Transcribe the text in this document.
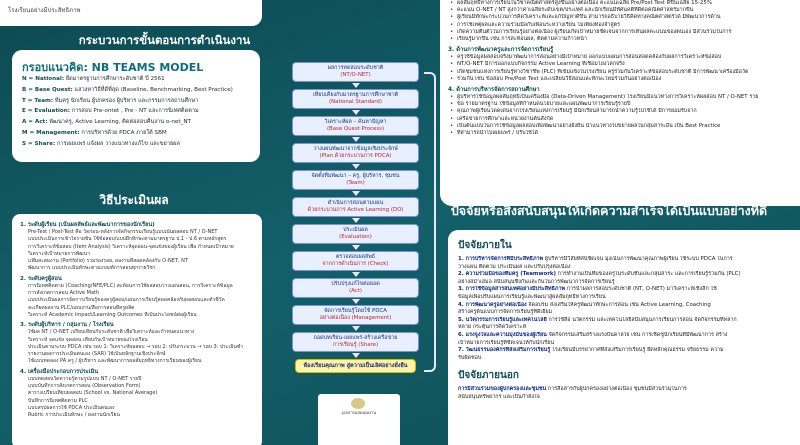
โรงเรียนอย่างมีประสิทธิภาพ

กระบวนการขั้นตอนการดำเนินงาน
กรอบแนวคิด: NB TEAMS MODEL
N = National: ยึดมาตรฐานการศึกษาระดับชาติ ปี 2561
B = Base Quest: แสวงหาวิธีที่ดีที่สุด (Baseline, Benchmarking, Best Practice)
T = Team: ทีมครู นักเรียน ผู้ปกครอง ผู้บริหาร และกรรมการสถานศึกษา
E = Evaluation: การสอบ Pre-ontet , Pre - NT และการนิเทศติดตาม
A = Act: พัฒนาครู, Active Learning, ติดต่อสอบคืนงาน o-net_NT
M = Management: การบริหารด้วย PDCA ภายใต้ SBM
S = Share: การเผยแพร่ แจ้งผล วางแนวทางแก้ไข และขยายผล
วิธีประเมินผล
1. ระดับผู้เรียน (เน้นผลลัพธ์และพัฒนาการของนักเรียน)
Pre-Test / Post-Test คือ วัดก่อน-หลังการจัดกิจกรรมเรียนรู้แบบเน้นผลสอบ NT / O-NET
แบบประเมินการเข้าใจรายชั้น ใช้ข้อสอบ/แบบฝึกทักษะตามมาตรฐาน ป.1 - ป.6 ตามหลักสูตร
การวิเคราะห์ข้อสอบ (Item Analysis) วิเคราะห์จุดอ่อน-จุดแข็งของผู้เรียน เพื่อ กำหนดเป้าหมาย
วิเคราะห์เป้าหมายการพัฒนา
แฟ้มสะสมงาน (Portfolio) รวมร่องรอย, ผลงานที่สอดคล้องกับ O-NET, NT
พัฒนาการ แบบประเมินทักษะตามเกณฑ์การสอนทุกรายวิชา
2. ระดับครูผู้สอน
การนิเทศติดตาม (Coaching/NFE/PLC) สะท้อนการใช้ผลสอบวางแผนสอน, การวิเคราะห์ข้อมูล
การสังเกตการสอน Active Math
แบบประเมินผลการจัดการเรียนรู้ของครูผู้สอน/แผนการเรียนรู้สอดคล้องกับผลสอบและตัวชี้วัด
ละเกียดผลงาน PLC/แผนงาน/สื่อการสอนที่ครูผลิต
วิเคราะห์ Academic Impact/Learning Outcomes ที่เป็นประโยชน์ต่อผู้เรียน
3. ระดับผู้บริหาร / กลุ่มงาน / โรงเรียน
ใช้ผล NT / O-NET เปรียบเทียบกับระดับชาติ เพื่อวิเคราะห์และกำหนดแนวทาง
วิเคราะห์ จุดแข็ง จุดอ่อน เทียบกับเป้าหมายของโรงเรียน
ประเมินตามระบบ PDCA เช่น รอบ 1: วิเคราะห์ผลสอบ → รอบ 2: ปรับกระบวน → รอบ 3: ประเมินซ้ำ
รายงานผลการประเมินตนเอง (SAR) ใช้เป็นหลักฐานเชิงประจักษ์
ใช้แบบทดลอง PA ครู / ผู้บริหาร และพัฒนาการผลสัมฤทธิ์ทางการเรียนของผู้เรียน
4. เครื่องมือประกอบการประเมิน
แบบทดสอบวัดความรู้ตามรูปแบบ NT / O-NET รายปี
แบบบันทึกการสังเกตการสอน (Observation Form)
ตารางเปรียบเทียบผลสอบ (School vs. National Average)
บันทึกการนิเทศติดตาม PLC
แบบสรุปผลการใช้ PDCA ประเมินตนเอง
Rubric การประเมินทักษะ / ผลงานนักเรียน
ผลการทดสอบระดับชาติ
(NT/O-NET)
เทียบเคียงกับมาตรฐานการศึกษาชาติ
(National Standard)
วิเคราะห์ผล – ค้นหาปัญหา
(Base Quest Process)
วางแผนพัฒนาจากข้อมูลเชิงประจักษ์
(Plan ด้วยกระบวนการ PDCA)
จัดตั้งทีมพัฒนา – ครู, ผู้บริหาร, ชุมชน
(Team)
ดำเนินการสอนตามแผน
ด้วยกระบวนการ Active Learning (DO)
ประเมินผล
(Evaluation)
ตรวจสอบผลลัพธ์
จากการดำเนินการ (Check)
ปรับปรุงแก้ไขต่อยอด
(Act)
จัดการเรียนรู้โดยใช้ PDCA
อย่างต่อเนื่อง (Management)
ถอดบทเรียน-เผยแพร่-สร้างเครือข่าย
การเรียนรู้ (Share)
ห้องเรียนคุณภาพ สู่ความเป็นเลิศอย่างยั่งยืน
เอกสารแสดงผลงาน
• ผลสัมฤทธิ์ทางการเรียนในวิชาคณิตศาสตร์สูงขึ้นอย่างต่อเนื่อง คะแนนเฉลี่ย Pre/Post Test ดีขึ้นเฉลี่ย 15-25%
• คะแนน O-NET / NT สูงกว่าค่าเฉลี่ยระดับเขต/ประเทศ และนักเรียนมีทัศนคติที่ดีต่อคณิตศาสตร์มากขึ้น
• ผู้เรียนมีทักษะกระบวนการคิดวิเคราะห์และแก้ปัญหาดีขึ้น สามารถอธิบายวิธีคิดทางคณิตศาสตร์ได้ มีพัฒนาการด้าน
• การใช้เหตุผลและความร่วมมือกับเพื่อนระหว่างเรียน ไม่เพียงท่องจำสูตร
• เกิดความตื่นตัวในการเรียนรู้อย่างต่อเนื่อง ผู้เรียนเกิดเป้าหมายชัดเจนจากการเห็นผลคะแนนของตนเอง มีส่วนร่วมในการ
• เรียนรู้มากขึ้น เช่น การสะท้อนผล, ติดตามความก้าวหน้า
3. ด้านการพัฒนาครูและการจัดการเรียนรู้
• ครูใช้ข้อมูลผลสอบจริงมาพัฒนาการสอนอย่างมีเป้าหมาย ออกแบบแผนการสอนสอดคล้องกับผลการวิเคราะห์ข้อสอบ
• NT/O-NET มีการออกแบบกิจกรรม Active Learning ที่เชื่อมโยงโลกจริง
• เกิดชุมชนแห่งการเรียนรู้ทางวิชาชีพ (PLC) ที่เข้มแข็งในโรงเรียน ครูร่วมกันวิเคราะห์ข้อสอบระดับชาติ มีการพัฒนาเครื่องมือวัด
• ร่วมกัน เช่น ข้อสอบ Pre/Post Test และเปลี่ยนวิธีสอนและทักษะใหม่ร่วมกันอย่างต่อเนื่อง
4. ด้านการบริหารจัดการสถานศึกษา
• ผู้บริหารใช้ข้อมูลผลสัมฤทธิ์เป็นเครื่องมือ (Data-Driven Management) โรงเรียนมีแนวทางการวิเคราะห์ผลสอบ NT / O-NET ราย
• ข้อ รายมาตรฐาน ใช้ข้อมูลที่กำหนดนโยบายและแผนพัฒนาการเรียนรู้รายปี
• คุณภาพผู้เรียนโดดเด่นจากโรงเรียนแห่งการเรียนรู้ มีนักเรียนสามารถนำความรู้ไปใช้ได้ มีการยอมรับจาก
• เครือข่ายการศึกษาและหน่วยงานต้นสังกัด
• เป็นต้นแบบในการใช้ข้อมูลผลสอบเพื่อพัฒนาอย่างยั่งยืน นำแนวทางไปขยายผลในกลุ่มสาระอื่น เป็น Best Practice
• ที่สามารถนำไปเผยแพร่ / ปรับใช้ได้
ปัจจัยหรือสิ่งสนับสนุนให้เกิดความสำเร็จได้เป็นแบบอย่างที่ดี
ปัจจัยภายใน
1. การบริหารจัดการที่มีประสิทธิภาพ ผู้บริหารมีวิสัยทัศน์ชัดเจน มุ่งเน้นการพัฒนาคุณภาพผู้เรียน ใช้ระบบ PDCA ในการ
วางแผน ติดตาม ประเมินผล และปรับปรุงต่อเนื่อง
2. ความร่วมมือของทีมครู (Teamwork) การทำงานเป็นทีมของครูในระดับชั้นและกลุ่มสาระ และการเรียนรู้ร่วมกัน (PLC)
อย่างสม่ำเสมอ สนับสนุนซึ่งกันและกันในการพัฒนาการจัดการเรียนรู้
3. การใช้ข้อมูลสารสนเทศอย่างมีประสิทธิภาพ การนำผลการสอบระดับชาติ (NT, O-NET) มาวิเคราะห์เชิงลึก ใช้
ข้อมูลเพื่อปรับแผนการเรียนรู้และพัฒนาสู่ผลสัมฤทธิ์ทางการเรียน
4. การพัฒนาครูอย่างต่อเนื่อง จัดอบรม ส่งเสริมให้ครูพัฒนาทักษะการสอน เช่น Active Learning, Coaching
สร้างครูต้นแบบการจัดการเรียนรู้ที่ดีเยี่ยม
5. นวัตกรรมการเรียนรู้และเทคโนโลยี การใช้สื่อ นวัตกรรม และเทคโนโลยีสนับสนุนการเรียนการสอน จัดกิจกรรมที่หลาก
หลาย กระตุ้นการคิดวิเคราะห์
6. แรงจูงใจและความมุ่งมั่นของผู้เรียน จัดกิจกรรมเสริมสร้างแรงบันดาลใจ เช่น การเชิดชูนักเรียนที่มีพัฒนาการ สร้าง
เป้าหมายการเรียนรู้ที่ชัดเจนให้กับนักเรียน
7. วัฒนธรรมองค์กรที่ส่งเสริมการเรียนรู้ โรงเรียนมีบรรยากาศที่ส่งเสริมการเรียนรู้ ยึดหลักคุณธรรม จริยธรรม ความ
รับผิดชอบ
ปัจจัยภายนอก
การมีส่วนร่วมของผู้ปกครองและชุมชน การสื่อสารกับผู้ปกครองอย่างต่อเนื่อง ชุมชนมีส่วนร่วมในการ
สนับสนุนทรัพยากร และเป็นกำลังใจ
